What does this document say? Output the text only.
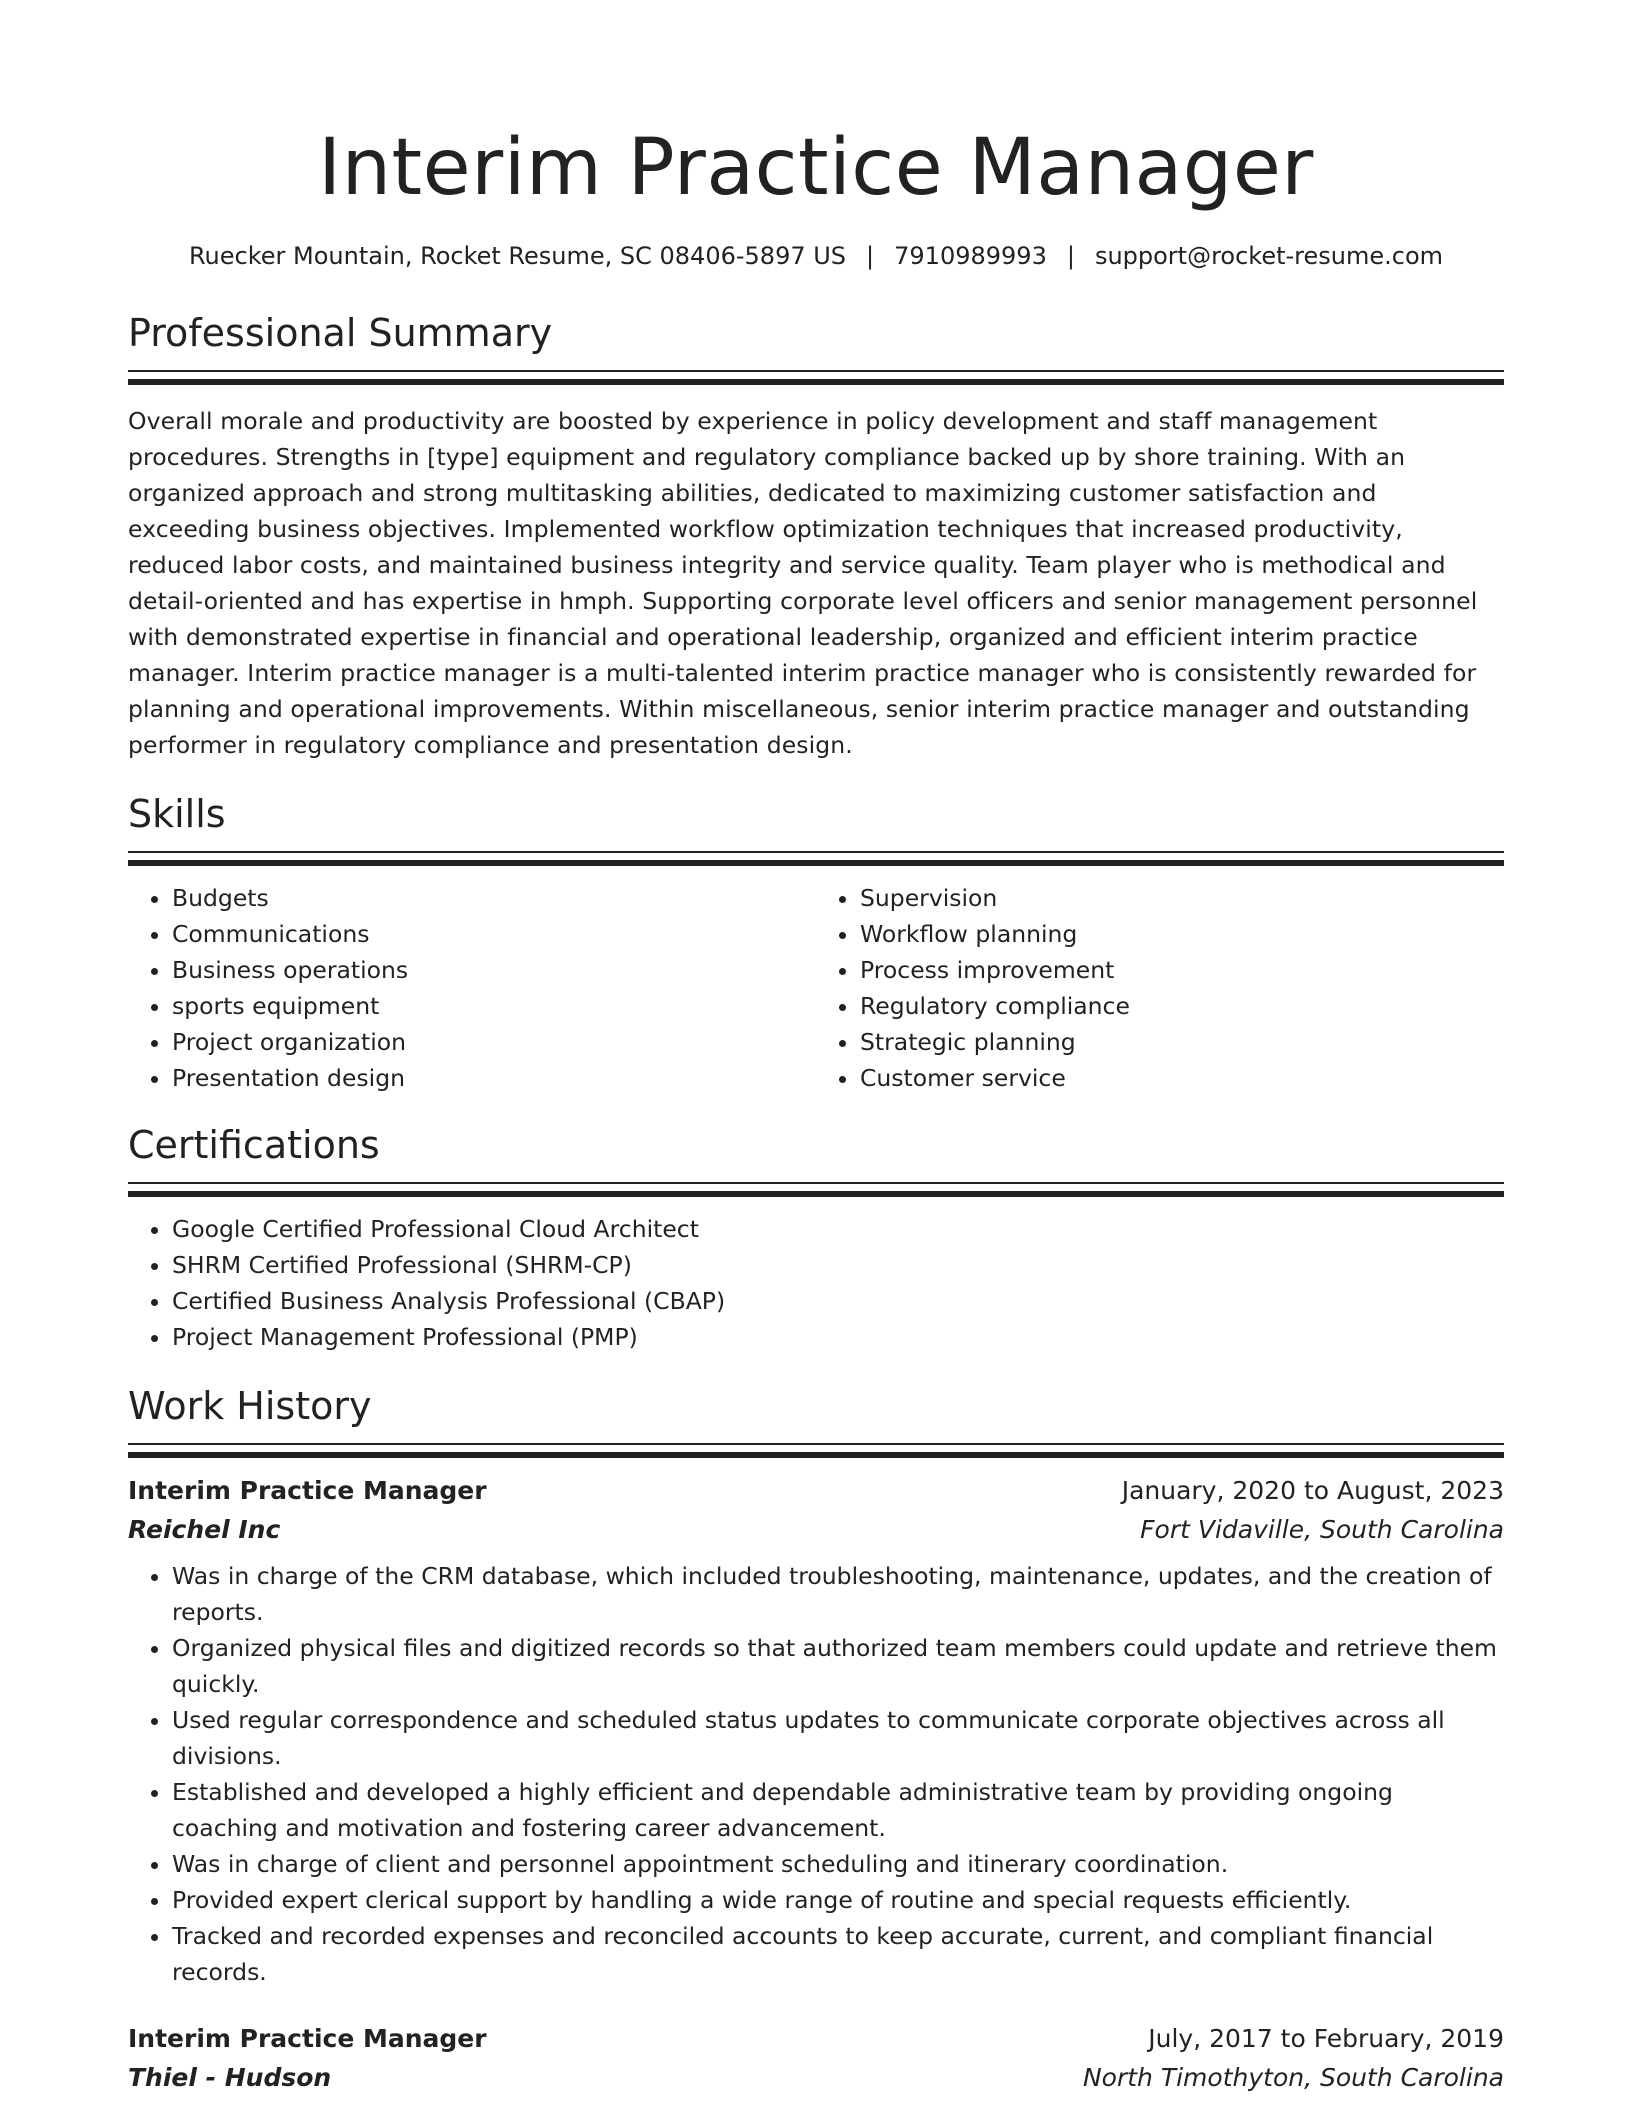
Interim Practice Manager
Ruecker Mountain, Rocket Resume, SC 08406-5897 US | 7910989993 | support@rocket-resume.com
Professional Summary

Overall morale and productivity are boosted by experience in policy development and staff management procedures. Strengths in [type] equipment and regulatory compliance backed up by shore training. With an organized approach and strong multitasking abilities, dedicated to maximizing customer satisfaction and exceeding business objectives. Implemented workflow optimization techniques that increased productivity, reduced labor costs, and maintained business integrity and service quality. Team player who is methodical and detail-oriented and has expertise in hmph. Supporting corporate level officers and senior management personnel with demonstrated expertise in financial and operational leadership, organized and efficient interim practice manager. Interim practice manager is a multi-talented interim practice manager who is consistently rewarded for planning and operational improvements. Within miscellaneous, senior interim practice manager and outstanding performer in regulatory compliance and presentation design.

Skills
• Budgets
• Communications
• Business operations
• sports equipment
• Project organization
• Presentation design
• Supervision
• Workflow planning
• Process improvement
• Regulatory compliance
• Strategic planning
• Customer service
Certifications
• Google Certified Professional Cloud Architect
• SHRM Certified Professional (SHRM-CP)
• Certified Business Analysis Professional (CBAP)
• Project Management Professional (PMP)
Work History
Interim Practice Manager	January, 2020 to August, 2023
Reichel Inc	Fort Vidaville, South Carolina
• Was in charge of the CRM database, which included troubleshooting, maintenance, updates, and the creation of reports.
• Organized physical files and digitized records so that authorized team members could update and retrieve them quickly.
• Used regular correspondence and scheduled status updates to communicate corporate objectives across all divisions.
• Established and developed a highly efficient and dependable administrative team by providing ongoing coaching and motivation and fostering career advancement.
• Was in charge of client and personnel appointment scheduling and itinerary coordination.
• Provided expert clerical support by handling a wide range of routine and special requests efficiently.
• Tracked and recorded expenses and reconciled accounts to keep accurate, current, and compliant financial records.
Interim Practice Manager	July, 2017 to February, 2019
Thiel - Hudson	North Timothyton, South Carolina
